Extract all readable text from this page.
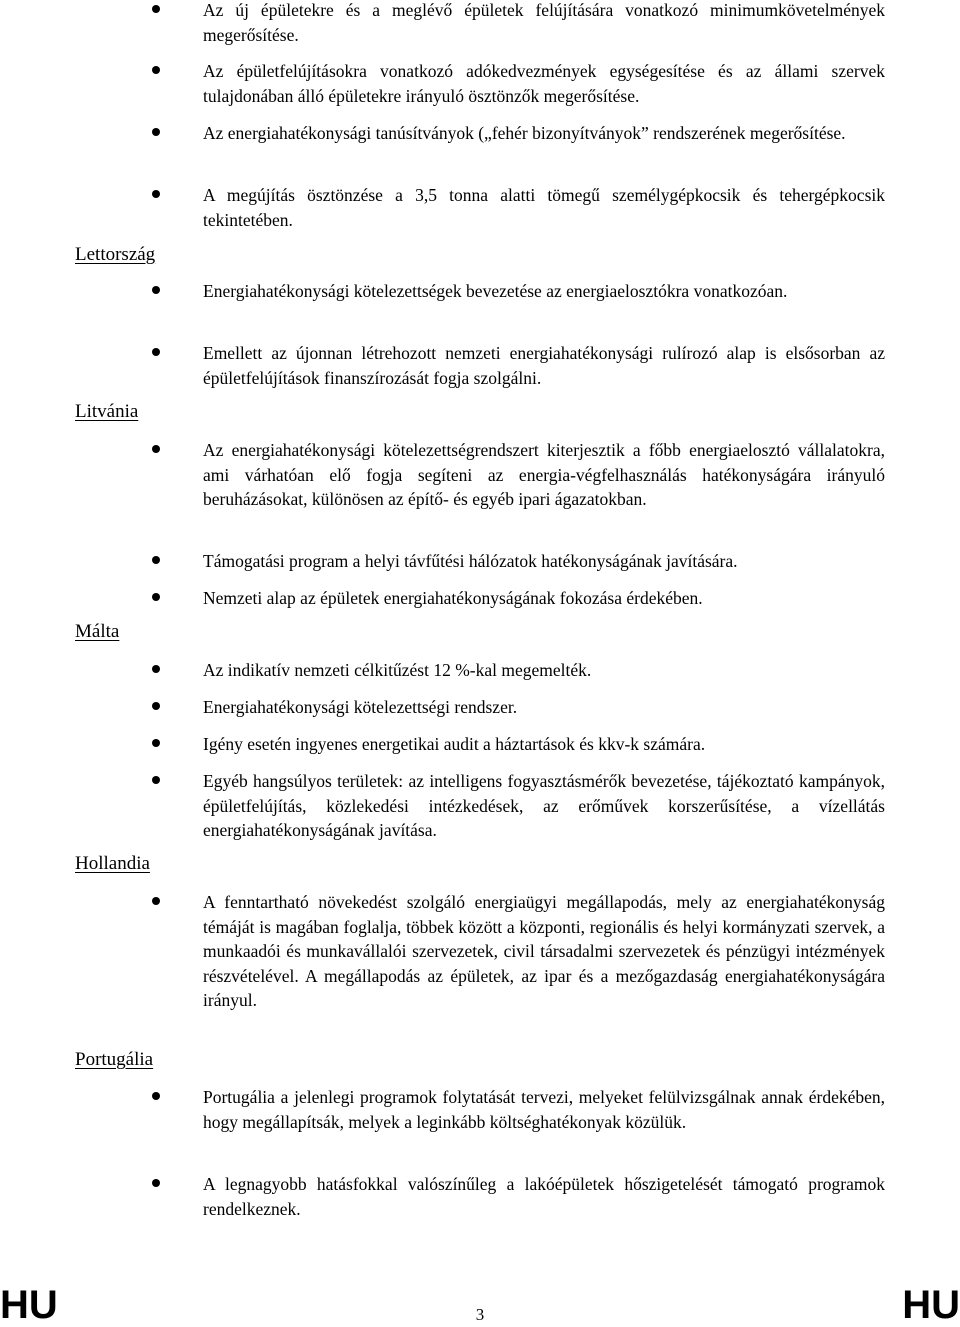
Lettország
Litvánia
Málta
Hollandia
Portugália
Az új épületekre és a meglévő épületek felújítására vonatkozó minimumkövetelmények megerősítése.
Az épületfelújításokra vonatkozó adókedvezmények egységesítése és az állami szervek tulajdonában álló épületekre irányuló ösztönzők megerősítése.
Az energiahatékonysági tanúsítványok („fehér bizonyítványok” rendszerének megerősítése.
A megújítás ösztönzése a 3,5 tonna alatti tömegű személygépkocsik és tehergépkocsik tekintetében.
Energiahatékonysági kötelezettségek bevezetése az energiaelosztókra vonatkozóan.
Emellett az újonnan létrehozott nemzeti energiahatékonysági rulírozó alap is elsősorban az épületfelújítások finanszírozását fogja szolgálni.
Az energiahatékonysági kötelezettségrendszert kiterjesztik a főbb energiaelosztó vállalatokra, ami várhatóan elő fogja segíteni az energia-végfelhasználás hatékonyságára irányuló beruházásokat, különösen az építő- és egyéb ipari ágazatokban.
Támogatási program a helyi távfűtési hálózatok hatékonyságának javítására.
Nemzeti alap az épületek energiahatékonyságának fokozása érdekében.
Az indikatív nemzeti célkitűzést 12 %-kal megemelték.
Energiahatékonysági kötelezettségi rendszer.
Igény esetén ingyenes energetikai audit a háztartások és kkv-k számára.
Egyéb hangsúlyos területek: az intelligens fogyasztásmérők bevezetése, tájékoztató kampányok, épületfelújítás, közlekedési intézkedések, az erőművek korszerűsítése, a vízellátás energiahatékonyságának javítása.
A fenntartható növekedést szolgáló energiaügyi megállapodás, mely az energiahatékonyság témáját is magában foglalja, többek között a központi, regionális és helyi kormányzati szervek, a munkaadói és munkavállalói szervezetek, civil társadalmi szervezetek és pénzügyi intézmények részvételével. A megállapodás az épületek, az ipar és a mezőgazdaság energiahatékonyságára irányul.
Portugália a jelenlegi programok folytatását tervezi, melyeket felülvizsgálnak annak érdekében, hogy megállapítsák, melyek a leginkább költséghatékonyak közülük.
A legnagyobb hatásfokkal valószínűleg a lakóépületek hőszigetelését támogató programok rendelkeznek.
HU	3	HU
